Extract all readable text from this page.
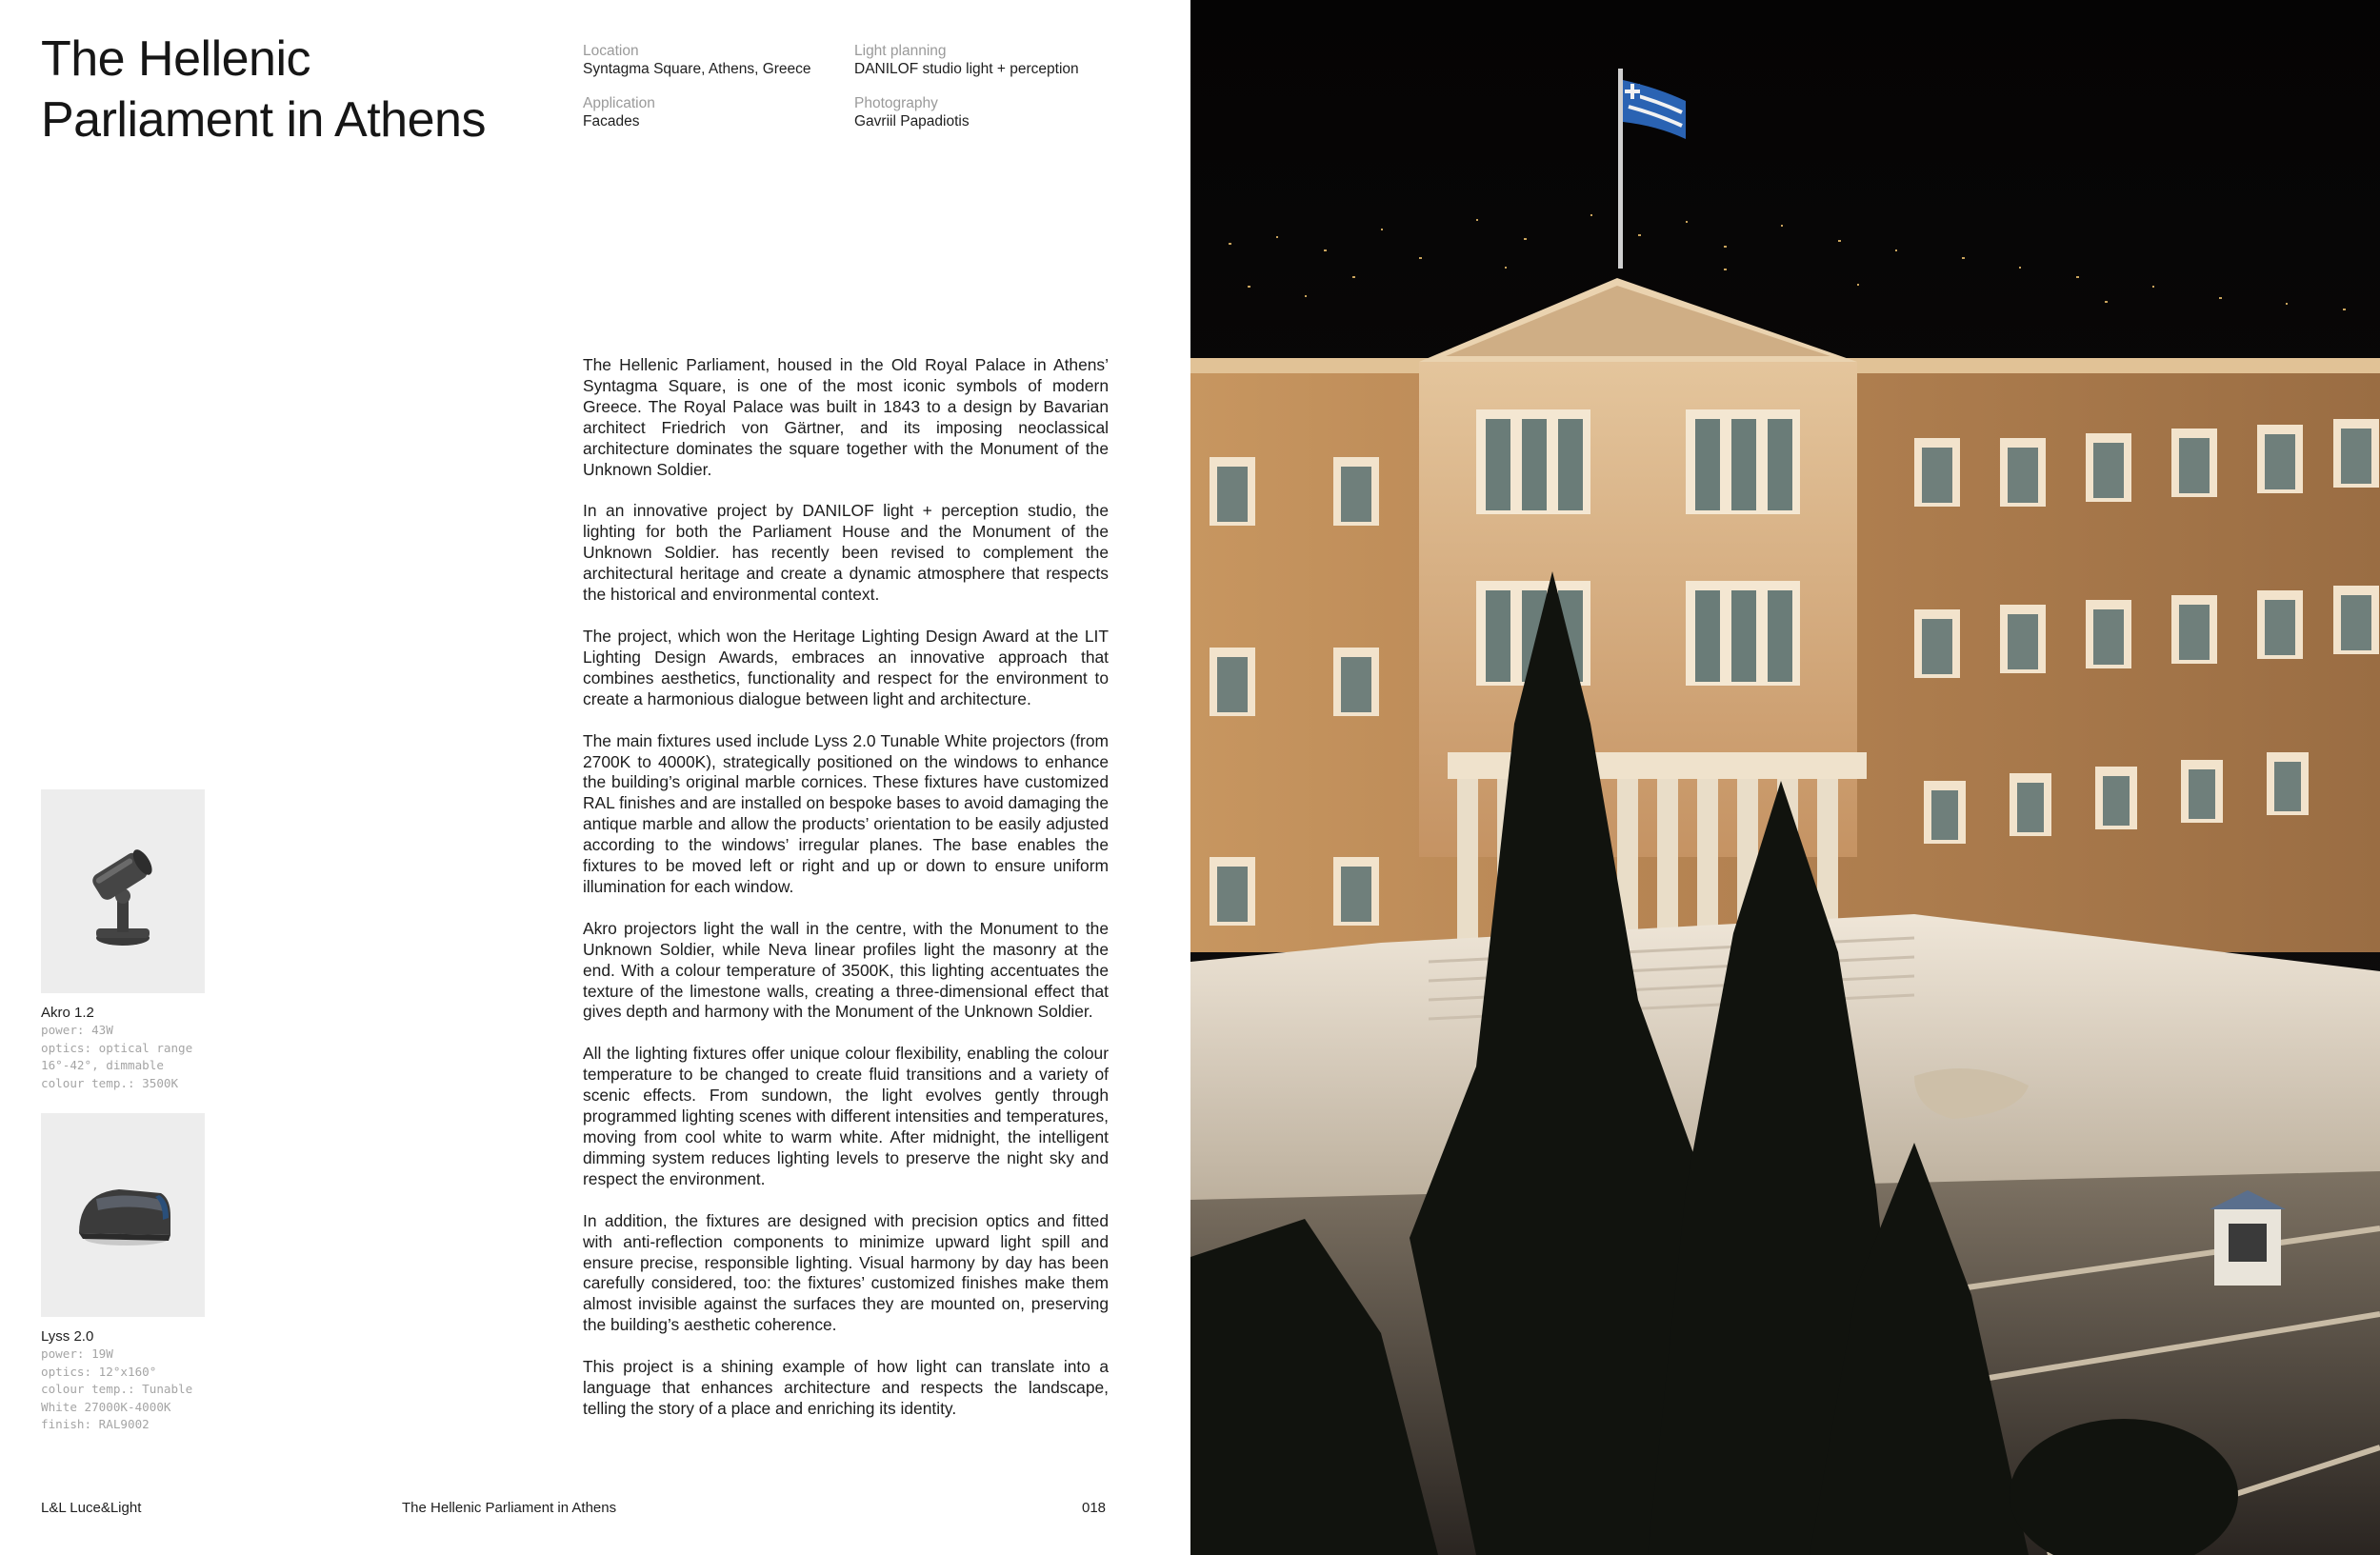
The Hellenic
Parliament in Athens
Location
Syntagma Square, Athens, Greece
Light planning
DANILOF studio light + perception
Application
Facades
Photography
Gavriil Papadiotis

The Hellenic Parliament, housed in the Old Royal Palace in Athens’ Syntagma Square, is one of the most iconic symbols of modern Greece. The Royal Palace was built in 1843 to a design by Bavarian architect Friedrich von Gärtner, and its imposing neoclassical architecture dominates the square together with the Monument of the Unknown Soldier.

In an innovative project by DANILOF light + perception studio, the lighting for both the Parliament House and the Monument of the Unknown Soldier. has recently been revised to complement the architectural heritage and create a dynamic atmosphere that respects the historical and environmental context.

The project, which won the Heritage Lighting Design Award at the LIT Lighting Design Awards, embraces an innovative approach that combines aesthetics, functionality and respect for the environment to create a harmonious dialogue between light and architecture.

The main fixtures used include Lyss 2.0 Tunable White projectors (from 2700K to 4000K), strategically positioned on the windows to enhance the building’s original marble cornices. These fixtures have customized RAL finishes and are installed on bespoke bases to avoid damaging the antique marble and allow the products’ orientation to be easily adjusted according to the windows’ irregular planes. The base enables the fixtures to be moved left or right and up or down to ensure uniform illumination for each window.

Akro projectors light the wall in the centre, with the Monument to the Unknown Soldier, while Neva linear profiles light the masonry at the end. With a colour temperature of 3500K, this lighting accentuates the texture of the limestone walls, creating a three-dimensional effect that gives depth and harmony with the Monument of the Unknown Soldier.

All the lighting fixtures offer unique colour flexibility, enabling the colour temperature to be changed to create fluid transitions and a variety of scenic effects. From sundown, the light evolves gently through programmed lighting scenes with different intensities and temperatures, moving from cool white to warm white. After midnight, the intelligent dimming system reduces lighting levels to preserve the night sky and respect the environment.

In addition, the fixtures are designed with precision optics and fitted with anti-reflection components to minimize upward light spill and ensure precise, responsible lighting. Visual harmony by day has been carefully considered, too: the fixtures’ customized finishes make them almost invisible against the surfaces they are mounted on, preserving the building’s aesthetic coherence.

This project is a shining example of how light can translate into a language that enhances architecture and respects the landscape, telling the story of a place and enriching its identity.

Akro 1.2
power: 43W
optics: optical range
16°-42°, dimmable
colour temp.: 3500K
Lyss 2.0
power: 19W
optics: 12°x160°
colour temp.: Tunable
White 27000K-4000K
finish: RAL9002
L&L Luce&Light	The Hellenic Parliament in Athens	018
